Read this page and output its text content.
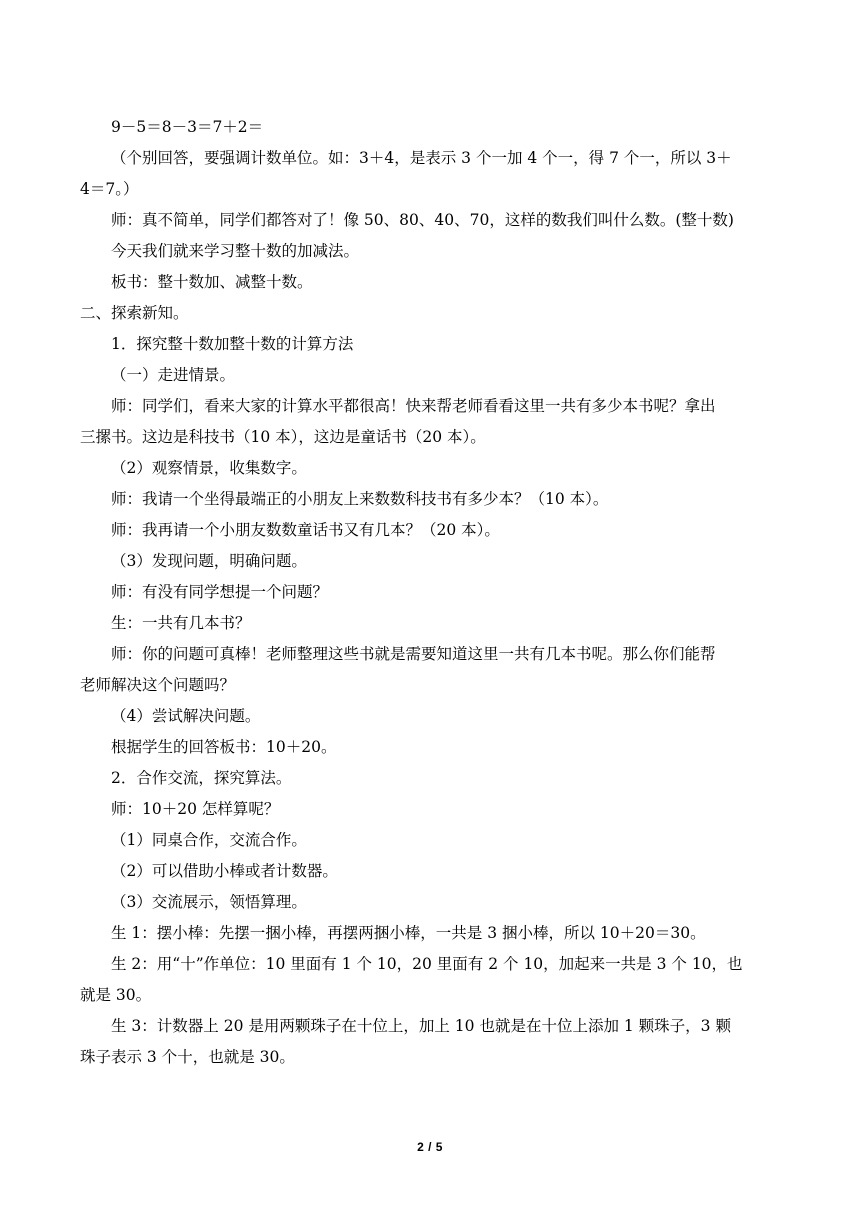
9－5＝8－3＝7＋2＝

（个别回答，要强调计数单位。如：3＋4，是表示 3 个一加 4 个一，得 7 个一，所以 3＋

4＝7。）

师：真不简单，同学们都答对了！像 50、80、40、70，这样的数我们叫什么数。(整十数)

今天我们就来学习整十数的加减法。

板书：整十数加、减整十数。

二、探索新知。

1．探究整十数加整十数的计算方法

（一）走进情景。

师：同学们，看来大家的计算水平都很高！快来帮老师看看这里一共有多少本书呢？拿出

三摞书。这边是科技书（10 本），这边是童话书（20 本）。

（2）观察情景，收集数字。

师：我请一个坐得最端正的小朋友上来数数科技书有多少本？（10 本）。

师：我再请一个小朋友数数童话书又有几本？（20 本）。

（3）发现问题，明确问题。

师：有没有同学想提一个问题？

生：一共有几本书？

师：你的问题可真棒！老师整理这些书就是需要知道这里一共有几本书呢。那么你们能帮

老师解决这个问题吗？

（4）尝试解决问题。

根据学生的回答板书：10＋20。

2．合作交流，探究算法。

师：10＋20 怎样算呢？

（1）同桌合作，交流合作。

（2）可以借助小棒或者计数器。

（3）交流展示，领悟算理。

生 1：摆小棒：先摆一捆小棒，再摆两捆小棒，一共是 3 捆小棒，所以 10＋20＝30。

生 2：用“十”作单位：10 里面有 1 个 10，20 里面有 2 个 10，加起来一共是 3 个 10，也

就是 30。

生 3：计数器上 20 是用两颗珠子在十位上，加上 10 也就是在十位上添加 1 颗珠子，3 颗

珠子表示 3 个十，也就是 30。

2 / 5
